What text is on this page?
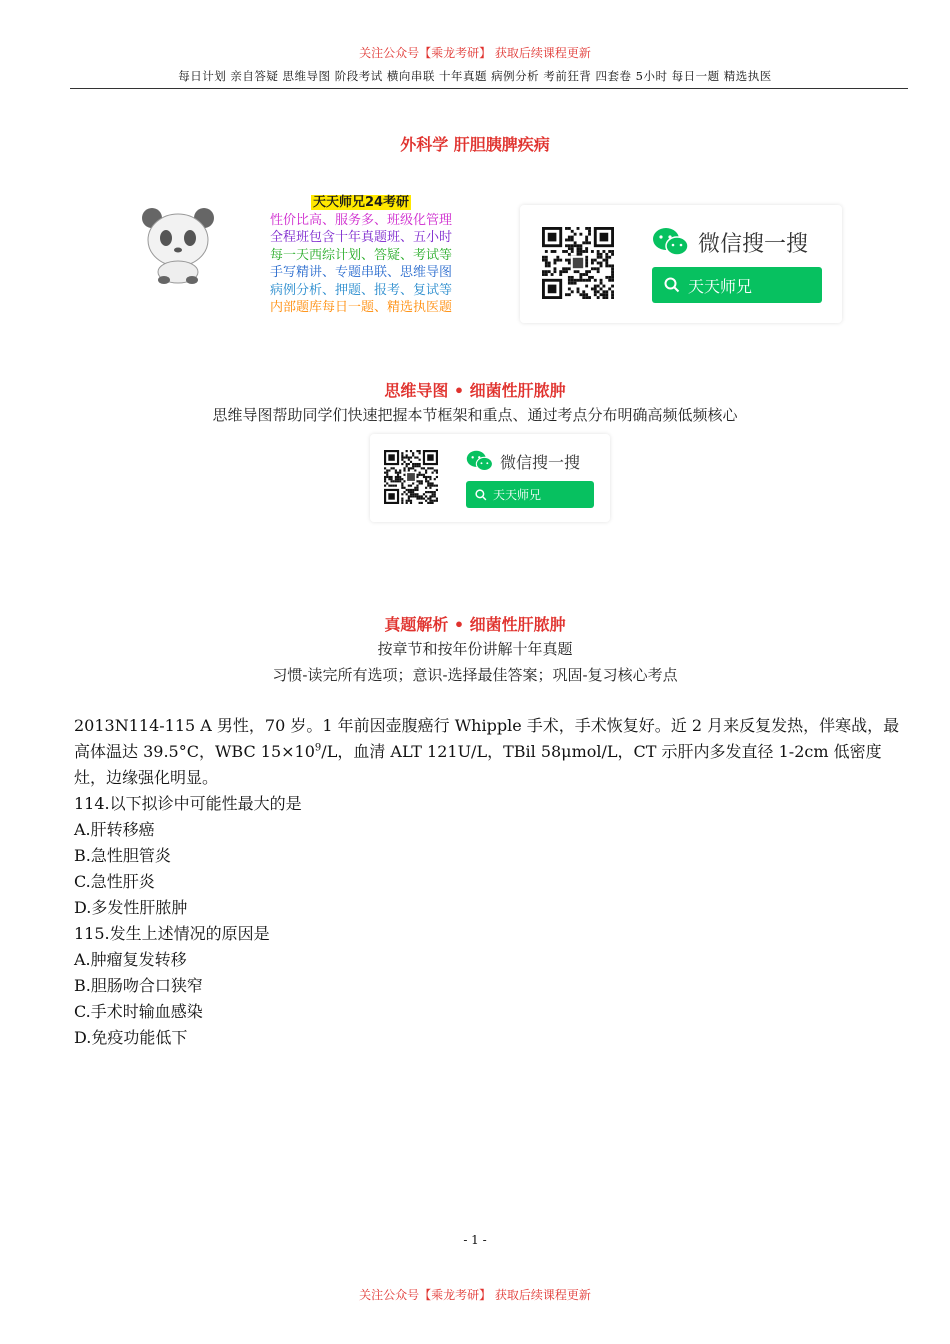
关注公众号【乘龙考研】 获取后续课程更新
每日计划 亲自答疑 思维导图 阶段考试 横向串联 十年真题 病例分析 考前狂背 四套卷 5小时 每日一题 精选执医
外科学 肝胆胰脾疾病
天天师兄24考研
性价比高、服务多、班级化管理
全程班包含十年真题班、五小时
每一天西综计划、答疑、考试等
手写精讲、专题串联、思维导图
病例分析、押题、报考、复试等
内部题库每日一题、精选执医题
微信搜一搜
天天师兄
思维导图 • 细菌性肝脓肿
思维导图帮助同学们快速把握本节框架和重点、通过考点分布明确高频低频核心
微信搜一搜
天天师兄
真题解析 • 细菌性肝脓肿
按章节和按年份讲解十年真题
习惯-读完所有选项；意识-选择最佳答案；巩固-复习核心考点
2013N114-115 A 男性，70 岁。1 年前因壶腹癌行 Whipple 手术，手术恢复好。近 2 月来反复发热，伴寒战，最高体温达 39.5°C，WBC $15\times 10^9/L$，血清 ALT 121U/L，TBil 58μmol/L，CT 示肝内多发直径 1-2cm 低密度灶，边缘强化明显。
114.以下拟诊中可能性最大的是
A.肝转移癌
B.急性胆管炎
C.急性肝炎
D.多发性肝脓肿
115.发生上述情况的原因是
A.肿瘤复发转移
B.胆肠吻合口狭窄
C.手术时输血感染
D.免疫功能低下
- 1 -
关注公众号【乘龙考研】 获取后续课程更新
